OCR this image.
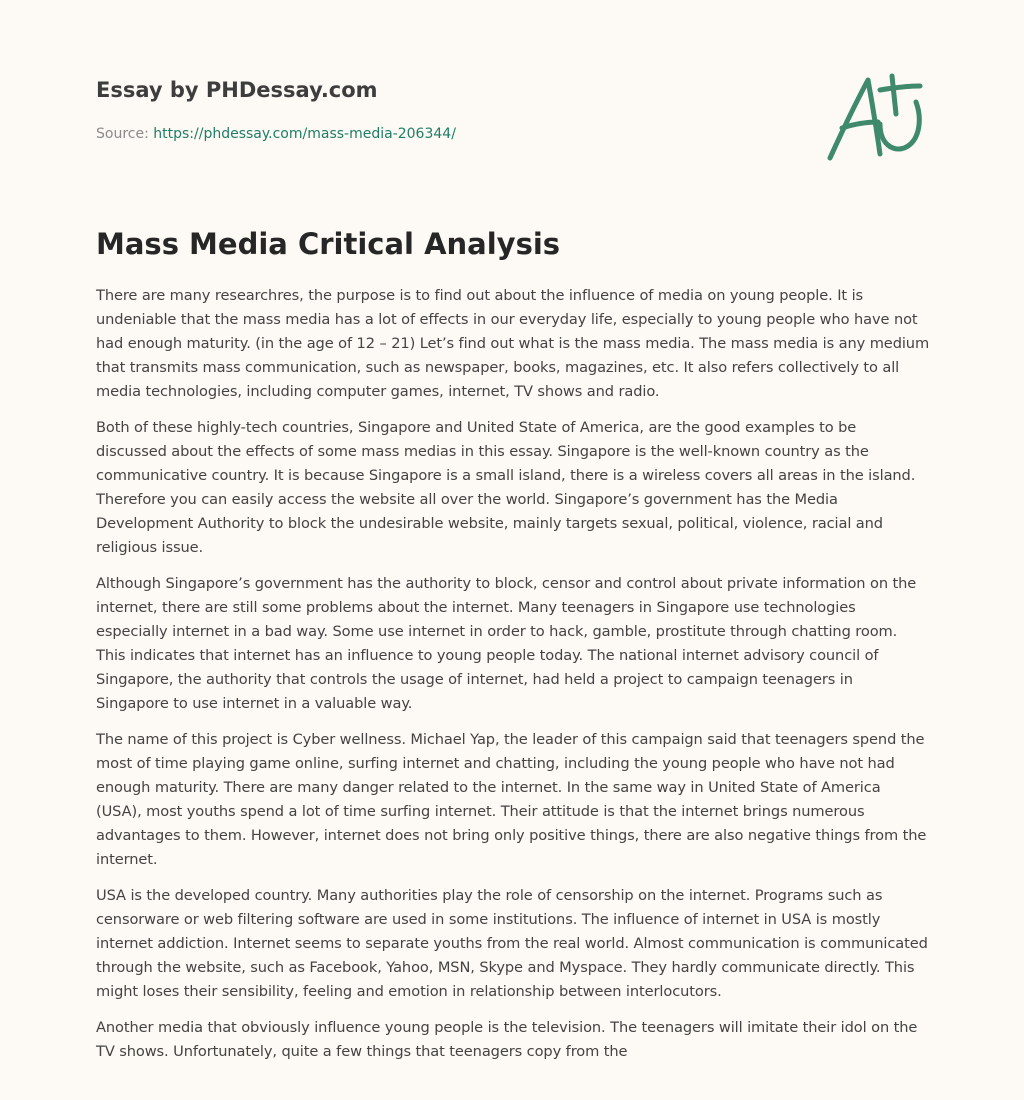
Essay by PHDessay.com
Source: https://phdessay.com/mass-media-206344/
Mass Media Critical Analysis

There are many researchres, the purpose is to find out about the influence of media on young people. It is undeniable that the mass media has a lot of effects in our everyday life, especially to young people who have not had enough maturity. (in the age of 12 – 21) Let’s find out what is the mass media. The mass media is any medium that transmits mass communication, such as newspaper, books, magazines, etc. It also refers collectively to all media technologies, including computer games, internet, TV shows and radio.

Both of these highly-tech countries, Singapore and United State of America, are the good examples to be discussed about the effects of some mass medias in this essay. Singapore is the well-known country as the communicative country. It is because Singapore is a small island, there is a wireless covers all areas in the island. Therefore you can easily access the website all over the world. Singapore’s government has the Media Development Authority to block the undesirable website, mainly targets sexual, political, violence, racial and religious issue.

Although Singapore’s government has the authority to block, censor and control about private information on the internet, there are still some problems about the internet. Many teenagers in Singapore use technologies especially internet in a bad way. Some use internet in order to hack, gamble, prostitute through chatting room. This indicates that internet has an influence to young people today. The national internet advisory council of Singapore, the authority that controls the usage of internet, had held a project to campaign teenagers in Singapore to use internet in a valuable way.

The name of this project is Cyber wellness. Michael Yap, the leader of this campaign said that teenagers spend the most of time playing game online, surfing internet and chatting, including the young people who have not had enough maturity. There are many danger related to the internet. In the same way in United State of America (USA), most youths spend a lot of time surfing internet. Their attitude is that the internet brings numerous advantages to them. However, internet does not bring only positive things, there are also negative things from the internet.

USA is the developed country. Many authorities play the role of censorship on the internet. Programs such as censorware or web filtering software are used in some institutions. The influence of internet in USA is mostly internet addiction. Internet seems to separate youths from the real world. Almost communication is communicated through the website, such as Facebook, Yahoo, MSN, Skype and Myspace. They hardly communicate directly. This might loses their sensibility, feeling and emotion in relationship between interlocutors.

Another media that obviously influence young people is the television. The teenagers will imitate their idol on the TV shows. Unfortunately, quite a few things that teenagers copy from the
